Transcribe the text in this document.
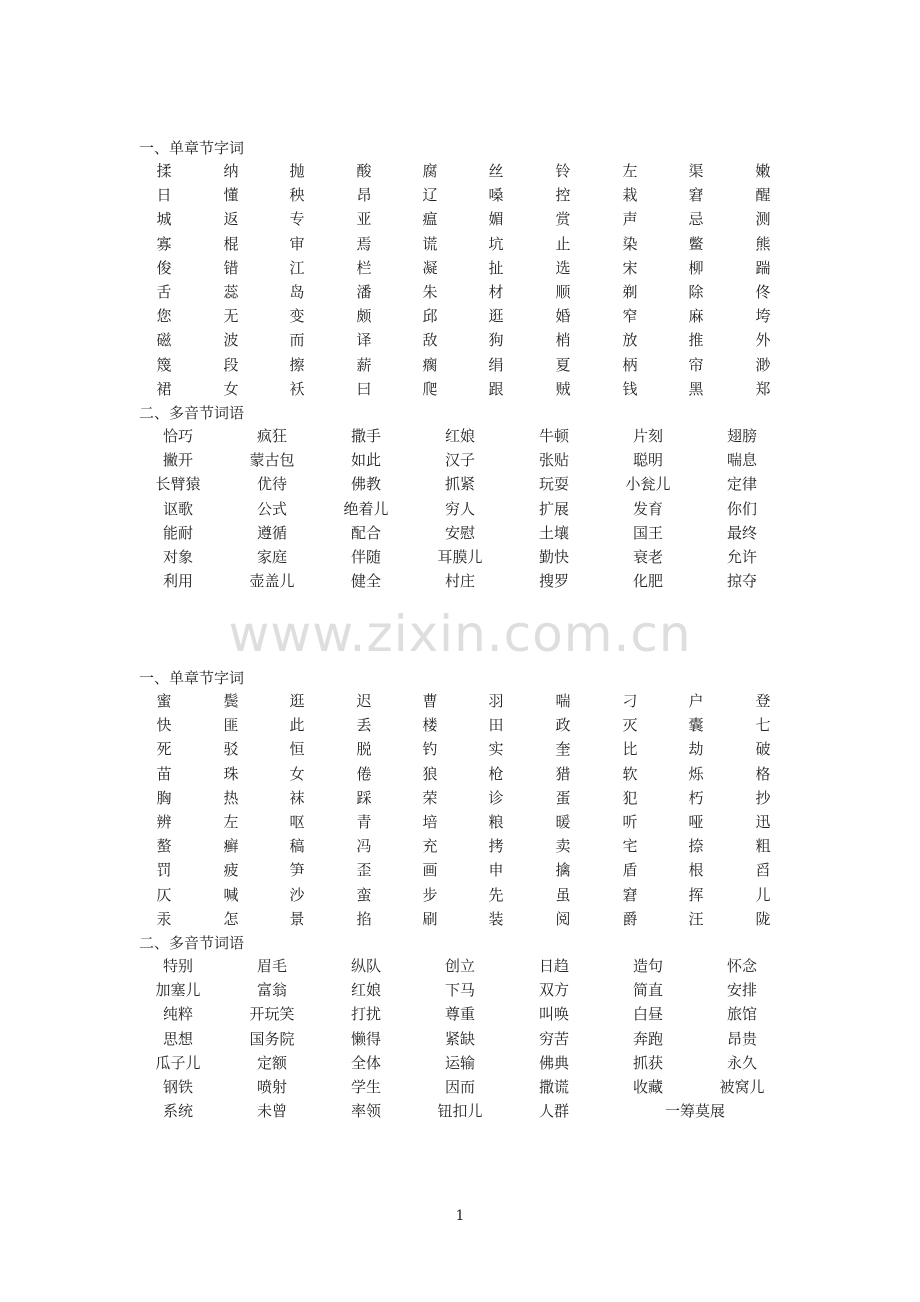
一、单章节字词
揉	纳	抛	酸	腐	丝	铃	左	渠	嫩
日	懂	秧	昂	辽	嗓	控	栽	窘	醒
城	返	专	亚	瘟	媚	赏	声	忌	测
寡	棍	审	焉	谎	坑	止	染	鳖	熊
俊	错	江	栏	凝	扯	选	宋	柳	踹
舌	蕊	岛	潘	朱	材	顺	剃	除	佟
您	无	变	颇	邱	逛	婚	窄	麻	垮
磁	波	而	译	敌	狗	梢	放	推	外
篾	段	擦	薪	瘸	绢	夏	柄	帘	渺
裙	女	袄	曰	爬	跟	贼	钱	黑	郑
二、多音节词语
恰巧	疯狂	撒手	红娘	牛顿	片刻	翅膀
撇开	蒙古包	如此	汉子	张贴	聪明	喘息
长臂猿	优待	佛教	抓紧	玩耍	小瓮儿	定律
讴歌	公式	绝着儿	穷人	扩展	发育	你们
能耐	遵循	配合	安慰	土壤	国王	最终
对象	家庭	伴随	耳膜儿	勤快	衰老	允许
利用	壶盖儿	健全	村庄	搜罗	化肥	掠夺
www.zixin.com.cn
一、单章节字词
蜜	鬓	逛	迟	曹	羽	喘	刁	户	登
快	匪	此	丢	楼	田	政	灭	囊	七
死	驳	恒	脱	钓	实	奎	比	劫	破
苗	珠	女	倦	狼	枪	猎	软	烁	格
胸	热	袜	踩	荣	诊	蛋	犯	朽	抄
辨	左	呕	青	培	粮	暖	听	哑	迅
螯	癣	稿	冯	充	拷	卖	宅	捺	粗
罚	疲	笋	歪	画	申	擒	盾	根	舀
仄	喊	沙	蛮	步	先	虽	窘	挥	儿
汞	怎	景	掐	刷	装	阅	爵	汪	陇
二、多音节词语
特别	眉毛	纵队	创立	日趋	造句	怀念
加塞儿	富翁	红娘	下马	双方	简直	安排
纯粹	开玩笑	打扰	尊重	叫唤	白昼	旅馆
思想	国务院	懒得	紧缺	穷苦	奔跑	昂贵
瓜子儿	定额	全体	运输	佛典	抓获	永久
钢铁	喷射	学生	因而	撒谎	收藏	被窝儿
系统	未曾	率领	钮扣儿	人群	一筹莫展
1
